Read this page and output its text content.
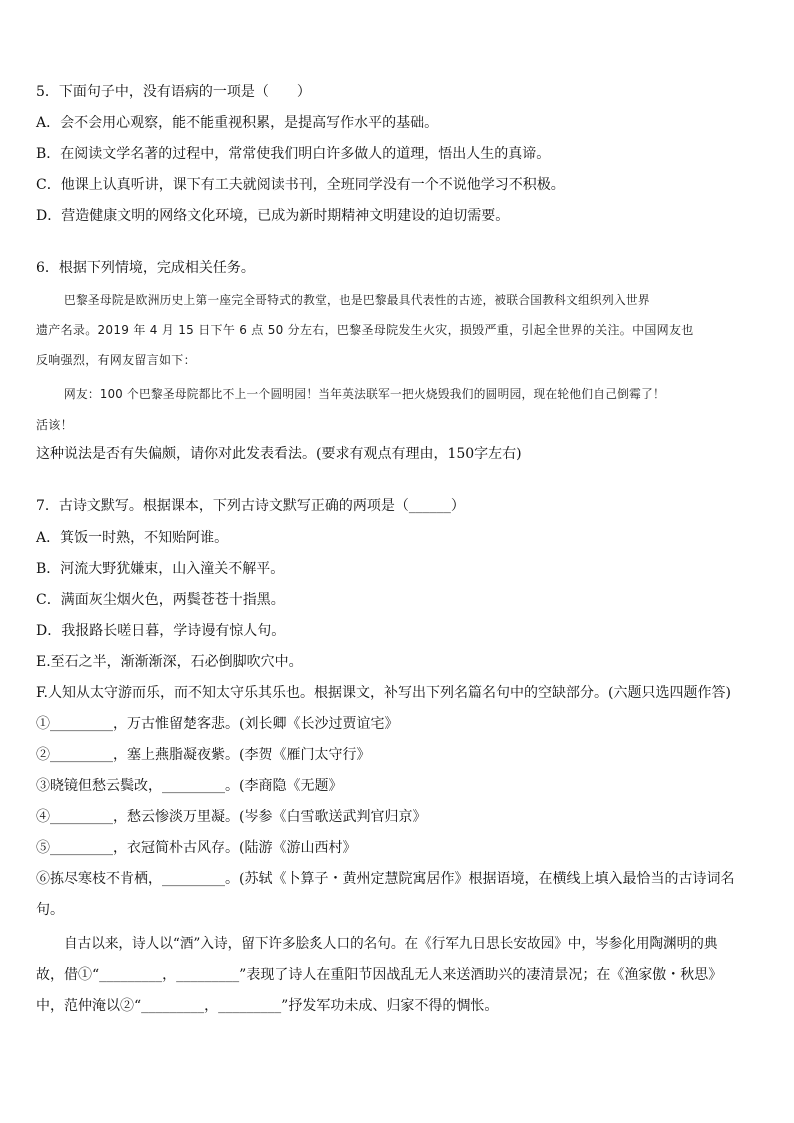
5．下面句子中，没有语病的一项是（　　）
A．会不会用心观察，能不能重视积累，是提高写作水平的基础。
B．在阅读文学名著的过程中，常常使我们明白许多做人的道理，悟出人生的真谛。
C．他课上认真听讲，课下有工夫就阅读书刊，全班同学没有一个不说他学习不积极。
D．营造健康文明的网络文化环境，已成为新时期精神文明建设的迫切需要。
6．根据下列情境，完成相关任务。
巴黎圣母院是欧洲历史上第一座完全哥特式的教堂，也是巴黎最具代表性的古迹，被联合国教科文组织列入世界
遗产名录。2019 年 4 月 15 日下午 6 点 50 分左右，巴黎圣母院发生火灾，损毁严重，引起全世界的关注。中国网友也
反响强烈，有网友留言如下：
网友：100 个巴黎圣母院都比不上一个圆明园！当年英法联军一把火烧毁我们的圆明园，现在轮他们自己倒霉了！
活该！
这种说法是否有失偏颇，请你对此发表看法。(要求有观点有理由，150字左右)
7．古诗文默写。根据课本，下列古诗文默写正确的两项是（______）
A．箕饭一时熟，不知贻阿谁。
B．河流大野犹嫌束，山入潼关不解平。
C．满面灰尘烟火色，两鬓苍苍十指黑。
D．我报路长嗟日暮，学诗谩有惊人句。
E.至石之半，渐渐渐深，石必倒脚吹穴中。
F.人知从太守游而乐，而不知太守乐其乐也。根据课文，补写出下列名篇名句中的空缺部分。(六题只选四题作答)
①_________，万古惟留楚客悲。(刘长卿《长沙过贾谊宅》
②_________，塞上燕脂凝夜紫。(李贺《雁门太守行》
③晓镜但愁云鬓改，_________。(李商隐《无题》
④_________，愁云惨淡万里凝。(岑参《白雪歌送武判官归京》
⑤_________，衣冠简朴古风存。(陆游《游山西村》
⑥拣尽寒枝不肯栖，_________。(苏轼《卜算子・黄州定慧院寓居作》根据语境，在横线上填入最恰当的古诗词名
句。
自古以来，诗人以“酒”入诗，留下许多脍炙人口的名句。在《行军九日思长安故园》中，岑参化用陶渊明的典
故，借①“_________，_________”表现了诗人在重阳节因战乱无人来送酒助兴的凄清景况；在《渔家傲・秋思》
中，范仲淹以②“_________，_________”抒发军功未成、归家不得的惆怅。
